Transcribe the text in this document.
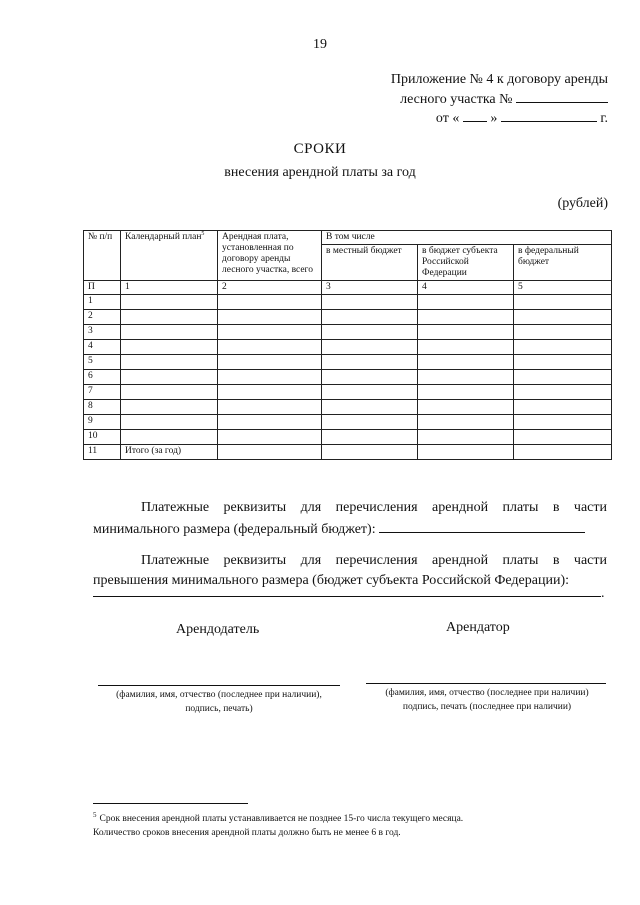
19
Приложение № 4 к договору аренды
лесного участка №
от « »	г.
СРОКИ
внесения арендной платы за год
(рублей)
№ п/п	Календарный план$^5$	Арендная плата, установленная по договору аренды лесного участка, всего	В том числе		
			в местный бюджет	в бюджет субъекта Российской Федерации	в федеральный бюджет
П	1	2	3	4	5
1					
2					
3					
4					
5					
6					
7					
8					
9					
10					
11	Итого (за год)				
Платежные реквизиты для перечисления арендной платы в части минимального размера (федеральный бюджет):
Платежные реквизиты для перечисления арендной платы в части превышения минимального размера (бюджет субъекта Российской Федерации):
.
Арендодатель	Арендатор
(фамилия, имя, отчество (последнее при наличии),
подпись, печать)
(фамилия, имя, отчество (последнее при наличии)
подпись, печать (последнее при наличии)
$^5$ Срок внесения арендной платы устанавливается не позднее 15-го числа текущего месяца.
Количество сроков внесения арендной платы должно быть не менее 6 в год.
